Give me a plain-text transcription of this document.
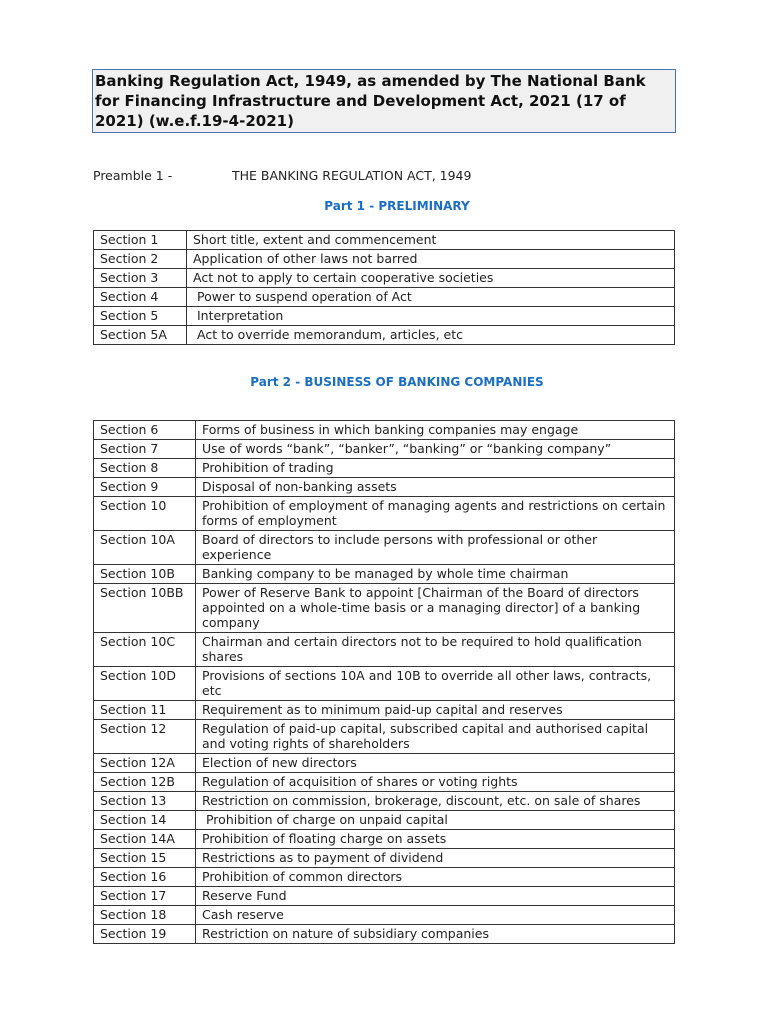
Banking Regulation Act, 1949, as amended by The National Bank for Financing Infrastructure and Development Act, 2021 (17 of 2021) (w.e.f.19-4-2021)
Preamble 1 -	THE BANKING REGULATION ACT, 1949
Part 1 - PRELIMINARY
Section 1	Short title, extent and commencement
Section 2	Application of other laws not barred
Section 3	Act not to apply to certain cooperative societies
Section 4	Power to suspend operation of Act
Section 5	Interpretation
Section 5A	Act to override memorandum, articles, etc
Part 2 - BUSINESS OF BANKING COMPANIES
Section 6	Forms of business in which banking companies may engage
Section 7	Use of words “bank”, “banker”, “banking” or “banking company”
Section 8	Prohibition of trading
Section 9	Disposal of non-banking assets
Section 10	Prohibition of employment of managing agents and restrictions on certain forms of employment
Section 10A	Board of directors to include persons with professional or other experience
Section 10B	Banking company to be managed by whole time chairman
Section 10BB	Power of Reserve Bank to appoint [Chairman of the Board of directors appointed on a whole-time basis or a managing director] of a banking company
Section 10C	Chairman and certain directors not to be required to hold qualification shares
Section 10D	Provisions of sections 10A and 10B to override all other laws, contracts, etc
Section 11	Requirement as to minimum paid-up capital and reserves
Section 12	Regulation of paid-up capital, subscribed capital and authorised capital and voting rights of shareholders
Section 12A	Election of new directors
Section 12B	Regulation of acquisition of shares or voting rights
Section 13	Restriction on commission, brokerage, discount, etc. on sale of shares
Section 14	Prohibition of charge on unpaid capital
Section 14A	Prohibition of floating charge on assets
Section 15	Restrictions as to payment of dividend
Section 16	Prohibition of common directors
Section 17	Reserve Fund
Section 18	Cash reserve
Section 19	Restriction on nature of subsidiary companies
